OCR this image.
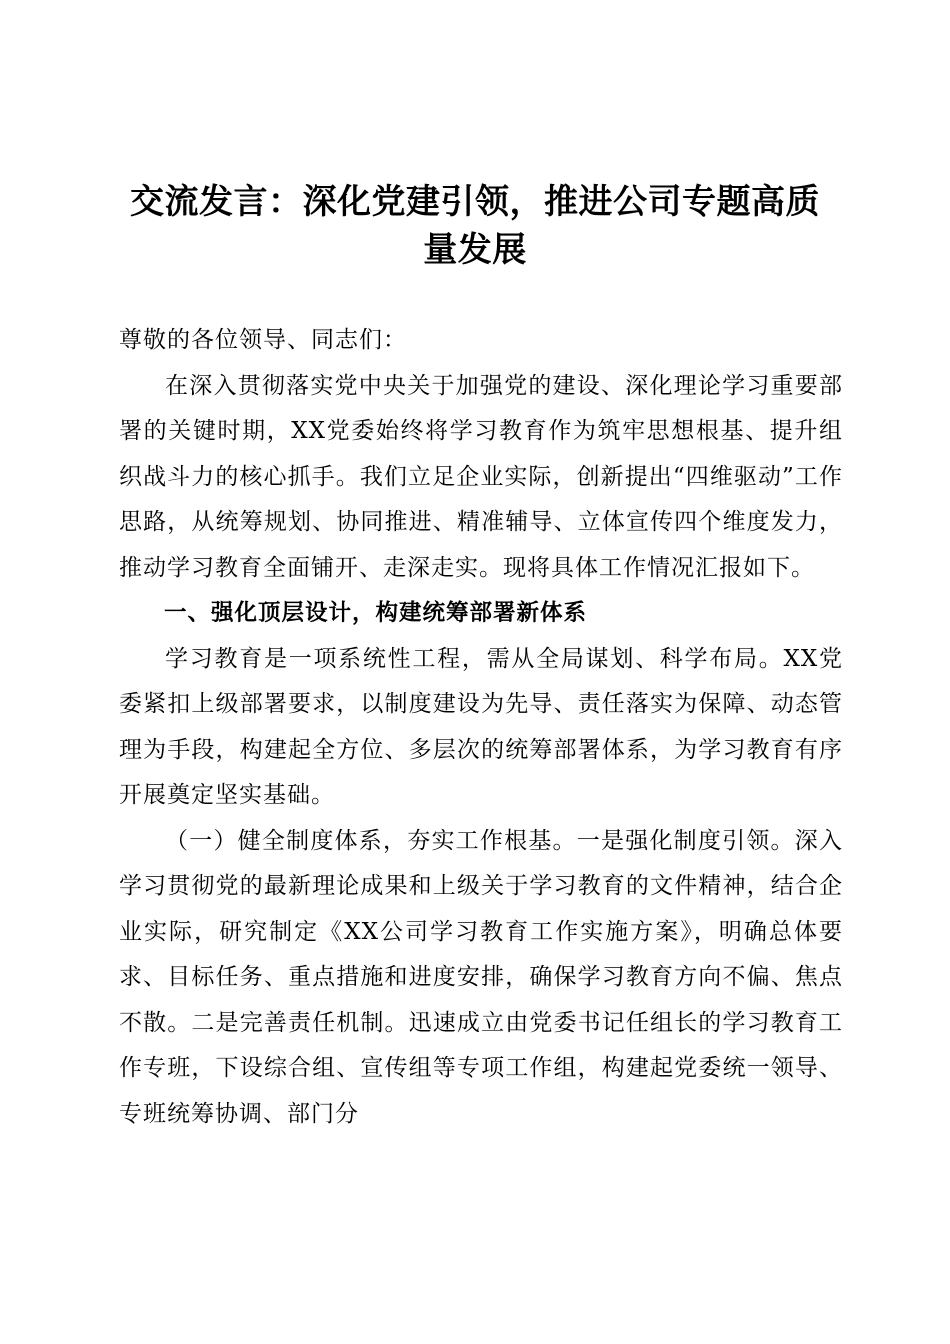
交流发言：深化党建引领，推进公司专题高质
量发展

尊敬的各位领导、同志们：

在深入贯彻落实党中央关于加强党的建设、深化理论学习重要部署的关键时期，XX党委始终将学习教育作为筑牢思想根基、提升组织战斗力的核心抓手。我们立足企业实际，创新提出“四维驱动”工作思路，从统筹规划、协同推进、精准辅导、立体宣传四个维度发力，推动学习教育全面铺开、走深走实。现将具体工作情况汇报如下。

一、强化顶层设计，构建统筹部署新体系

学习教育是一项系统性工程，需从全局谋划、科学布局。XX党委紧扣上级部署要求，以制度建设为先导、责任落实为保障、动态管理为手段，构建起全方位、多层次的统筹部署体系，为学习教育有序开展奠定坚实基础。

（一）健全制度体系，夯实工作根基。一是强化制度引领。深入学习贯彻党的最新理论成果和上级关于学习教育的文件精神，结合企业实际，研究制定《XX公司学习教育工作实施方案》，明确总体要求、目标任务、重点措施和进度安排，确保学习教育方向不偏、焦点不散。二是完善责任机制。迅速成立由党委书记任组长的学习教育工作专班，下设综合组、宣传组等专项工作组，构建起党委统一领导、专班统筹协调、部门分
